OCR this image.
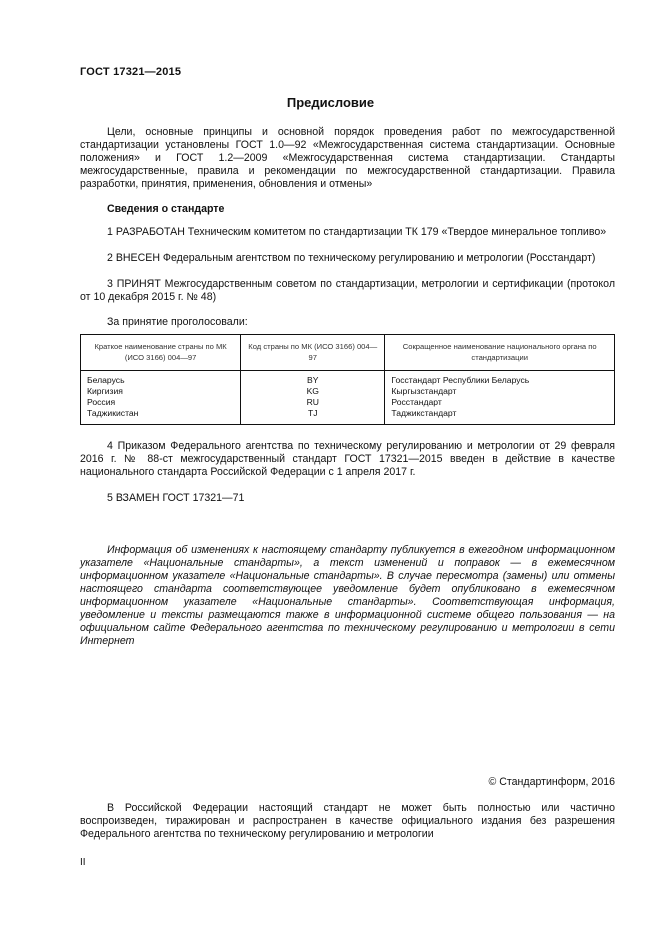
ГОСТ 17321—2015
Предисловие
Цели, основные принципы и основной порядок проведения работ по межгосударственной стандартизации установлены ГОСТ 1.0—92 «Межгосударственная система стандартизации. Основные положения» и ГОСТ 1.2—2009 «Межгосударственная система стандартизации. Стандарты межгосударственные, правила и рекомендации по межгосударственной стандартизации. Правила разработки, принятия, применения, обновления и отмены»
Сведения о стандарте
1 РАЗРАБОТАН Техническим комитетом по стандартизации ТК 179 «Твердое минеральное топливо»
2 ВНЕСЕН Федеральным агентством по техническому регулированию и метрологии (Росстандарт)
3 ПРИНЯТ Межгосударственным советом по стандартизации, метрологии и сертификации (протокол от 10 декабря 2015 г. № 48)
За принятие проголосовали:
Краткое наименование страны по МК (ИСО 3166) 004—97	Код страны по МК (ИСО 3166) 004—97	Сокращенное наименование национального органа по стандартизации
Беларусь	BY	Госстандарт Республики Беларусь
Киргизия	KG	Кыргызстандарт
Россия	RU	Росстандарт
Таджикистан	TJ	Таджикстандарт
4 Приказом Федерального агентства по техническому регулированию и метрологии от 29 февраля 2016 г. № 88-ст межгосударственный стандарт ГОСТ 17321—2015 введен в действие в качестве национального стандарта Российской Федерации с 1 апреля 2017 г.
5 ВЗАМЕН ГОСТ 17321—71
Информация об изменениях к настоящему стандарту публикуется в ежегодном информационном указателе «Национальные стандарты», а текст изменений и поправок — в ежемесячном информационном указателе «Национальные стандарты». В случае пересмотра (замены) или отмены настоящего стандарта соответствующее уведомление будет опубликовано в ежемесячном информационном указателе «Национальные стандарты». Соответствующая информация, уведомление и тексты размещаются также в информационной системе общего пользования — на официальном сайте Федерального агентства по техническому регулированию и метрологии в сети Интернет
© Стандартинформ, 2016
В Российской Федерации настоящий стандарт не может быть полностью или частично воспроизведен, тиражирован и распространен в качестве официального издания без разрешения Федерального агентства по техническому регулированию и метрологии
II
